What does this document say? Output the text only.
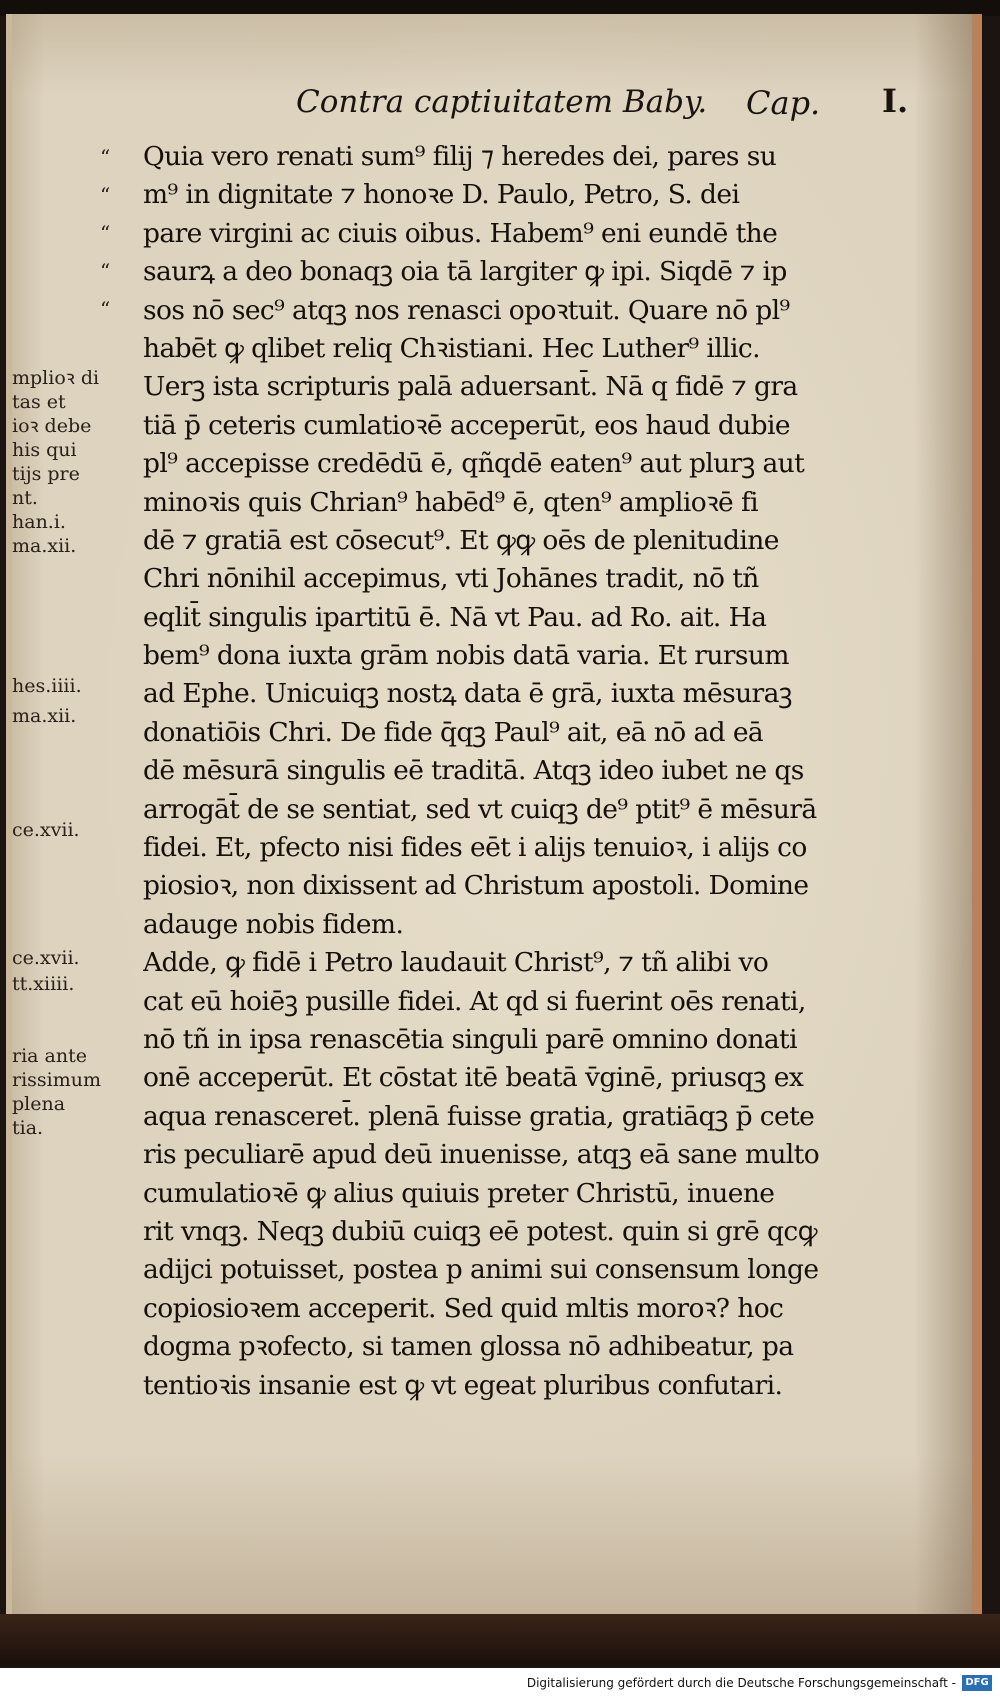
mplioꝛ di
tas et
ioꝛ debe
his qui
tijs pre
nt.
han.i.
ma.xii.
hes.iiii.
ma.xii.
ce.xvii.
ce.xvii.
tt.xiiii.
ria ante
rissimum
plena
tia.
Contra captiuitatem Baby. Cap. I.
“
“
“
“
“
Quia vero renati sum⁹ filij ⁊ heredes dei, pares su
m⁹ in dignitate ⁊ honoꝛe D. Paulo, Petro, S. dei
pare virgini ac ciuis oibus. Habem⁹ eni eundē the
saurꝝ a deo bonaqꝫ oia tā largiter ꝙ ipi. Siqdē ⁊ ip
sos nō sec⁹ atqꝫ nos renasci opoꝛtuit. Quare nō pl⁹
habēt ꝙ qlibet reliq Chꝛistiani. Hec Luther⁹ illic.
Uerꝫ ista scripturis palā aduersant̄. Nā q fidē ⁊ gra
tiā p̄ ceteris cumlatioꝛē acceperūt, eos haud dubie
pl⁹ accepisse credēdū ē, qñqdē eaten⁹ aut plurꝫ aut
minoꝛis quis Chrian⁹ habēd⁹ ē, qten⁹ amplioꝛē fi
dē ⁊ gratiā est cōsecut⁹. Et ꝙꝙ oēs de plenitudine
Chri nōnihil accepimus, vti Johānes tradit, nō tñ
eqlit̄ singulis ipartitū ē. Nā vt Pau. ad Ro. ait. Ha
bem⁹ dona iuxta grām nobis datā varia. Et rursum
ad Ephe. Unicuiqꝫ nostꝝ data ē grā, iuxta mēsuraꝫ
donatiōis Chri. De fide q̄qꝫ Paul⁹ ait, eā nō ad eā
dē mēsurā singulis eē traditā. Atqꝫ ideo iubet ne qs
arrogāt̄ de se sentiat, sed vt cuiqꝫ de⁹ ptit⁹ ē mēsurā
fidei. Et, pfecto nisi fides eēt i alijs tenuioꝛ, i alijs co
piosioꝛ, non dixissent ad Christum apostoli. Domine
adauge nobis fidem.
Adde, ꝙ fidē i Petro laudauit Christ⁹, ⁊ tñ alibi vo
cat eū hoiēꝫ pusille fidei. At qd si fuerint oēs renati,
nō tñ in ipsa renascētia singuli parē omnino donati
onē acceperūt. Et cōstat itē beatā v̄ginē, priusqꝫ ex
aqua renasceret̄. plenā fuisse gratia, gratiāqꝫ p̄ cete
ris peculiarē apud deū inuenisse, atqꝫ eā sane multo
cumulatioꝛē ꝙ alius quiuis preter Christū, inuene
rit vnqꝫ. Neqꝫ dubiū cuiqꝫ eē potest. quin si grē qcꝙ
adijci potuisset, postea p animi sui consensum longe
copiosioꝛem acceperit. Sed quid mltis moroꝛ? hoc
dogma pꝛofecto, si tamen glossa nō adhibeatur, pa
tentioꝛis insanie est ꝙ vt egeat pluribus confutari.
Digitalisierung gefördert durch die Deutsche Forschungsgemeinschaft - DFG
